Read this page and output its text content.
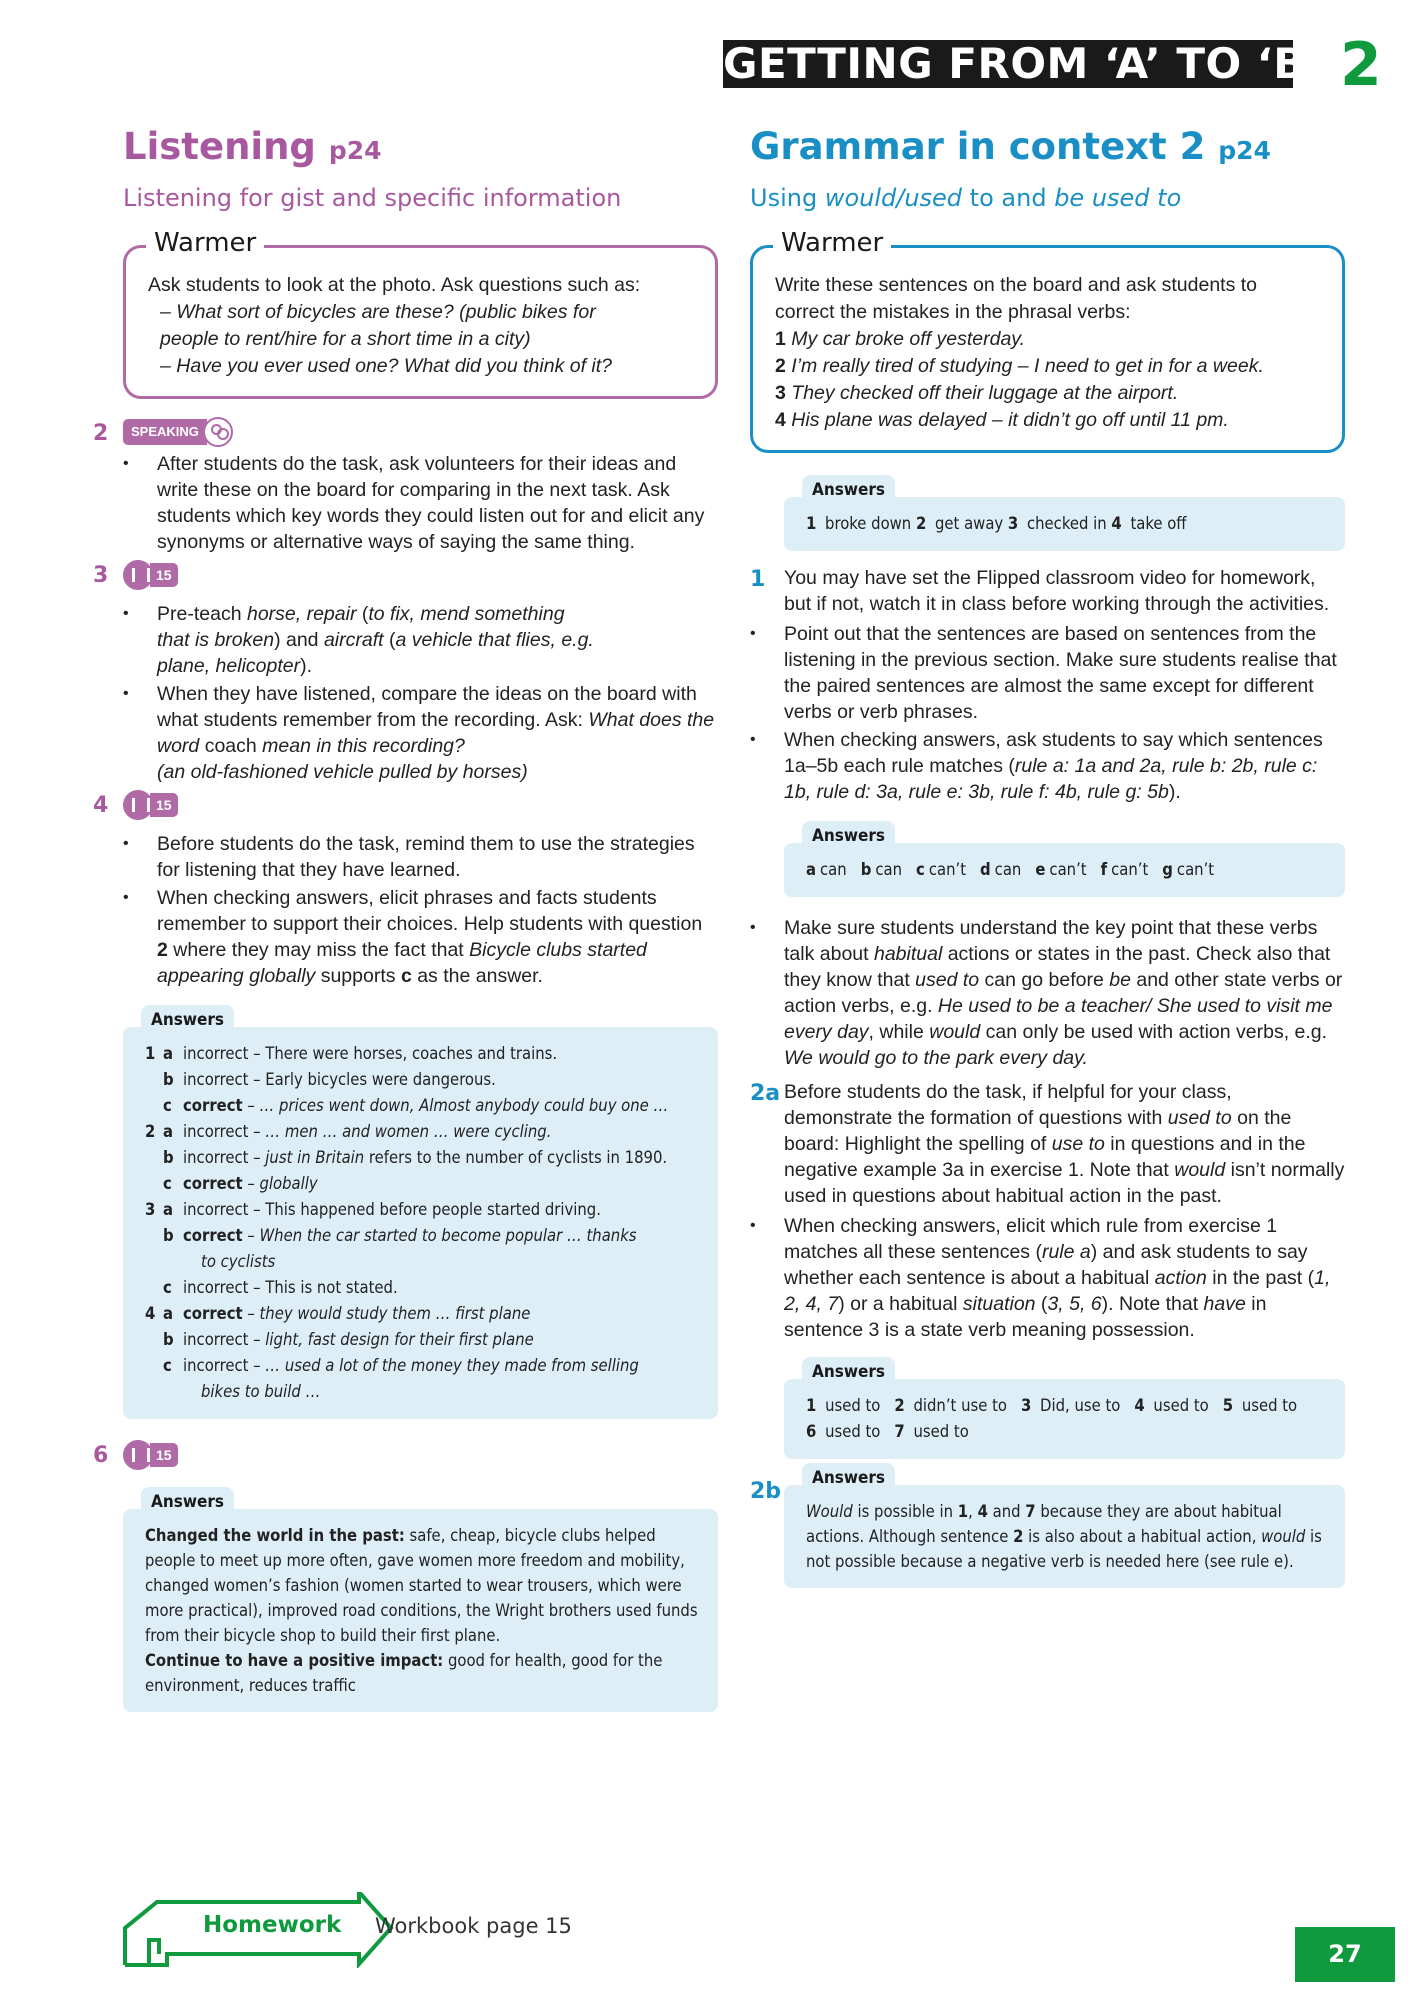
GETTING FROM ‘A’ TO ‘B’ 2
Listening p24
Listening for gist and specific information
Warmer

Ask students to look at the photo. Ask questions such as:

– What sort of bicycles are these? (public bikes for

people to rent/hire for a short time in a city)

– Have you ever used one? What did you think of it?

2	SPEAKING
• After students do the task, ask volunteers for their ideas and write these on the board for comparing in the next task. Ask students which key words they could listen out for and elicit any synonyms or alternative ways of saying the same thing.
3	15
• Pre-teach horse, repair (to fix, mend something
that is broken) and aircraft (a vehicle that flies, e.g.
plane, helicopter).
• When they have listened, compare the ideas on the board with what students remember from the recording. Ask: What does the word coach mean in this recording?
(an old-fashioned vehicle pulled by horses)
4	15
• Before students do the task, remind them to use the strategies for listening that they have learned.
• When checking answers, elicit phrases and facts students remember to support their choices. Help students with question 2 where they may miss the fact that Bicycle clubs started appearing globally supports c as the answer.
Answers
1 a incorrect – There were horses, coaches and trains.
b incorrect – Early bicycles were dangerous.
c correct – … prices went down, Almost anybody could buy one …
2 a incorrect – … men … and women … were cycling.
b incorrect – just in Britain refers to the number of cyclists in 1890.
c correct – globally
3 a incorrect – This happened before people started driving.
b correct – When the car started to become popular … thanks
to cyclists
c incorrect – This is not stated.
4 a correct – they would study them … first plane
b incorrect – light, fast design for their first plane
c incorrect – … used a lot of the money they made from selling
bikes to build …
6	15
Answers
Changed the world in the past: safe, cheap, bicycle clubs helped people to meet up more often, gave women more freedom and mobility, changed women’s fashion (women started to wear trousers, which were more practical), improved road conditions, the Wright brothers used funds from their bicycle shop to build their first plane.
Continue to have a positive impact: good for health, good for the environment, reduces traffic
Grammar in context 2 p24
Using would/used to and be used to
Warmer

Write these sentences on the board and ask students to correct the mistakes in the phrasal verbs:

1 My car broke off yesterday.

2 I’m really tired of studying – I need to get in for a week.

3 They checked off their luggage at the airport.

4 His plane was delayed – it didn’t go off until 11 pm.

Answers
1 broke down 2 get away 3 checked in 4 take off
1 You may have set the Flipped classroom video for homework, but if not, watch it in class before working through the activities.
• Point out that the sentences are based on sentences from the listening in the previous section. Make sure students realise that the paired sentences are almost the same except for different verbs or verb phrases.
• When checking answers, ask students to say which sentences 1a–5b each rule matches (rule a: 1a and 2a, rule b: 2b, rule c: 1b, rule d: 3a, rule e: 3b, rule f: 4b, rule g: 5b).
Answers
a can b can c can’t d can e can’t f can’t g can’t
• Make sure students understand the key point that these verbs talk about habitual actions or states in the past. Check also that they know that used to can go before be and other state verbs or action verbs, e.g. He used to be a teacher/ She used to visit me every day, while would can only be used with action verbs, e.g. We would go to the park every day.
2a Before students do the task, if helpful for your class, demonstrate the formation of questions with used to on the board: Highlight the spelling of use to in questions and in the negative example 3a in exercise 1. Note that would isn’t normally used in questions about habitual action in the past.
• When checking answers, elicit which rule from exercise 1 matches all these sentences (rule a) and ask students to say whether each sentence is about a habitual action in the past (1, 2, 4, 7) or a habitual situation (3, 5, 6). Note that have in sentence 3 is a state verb meaning possession.
Answers
1 used to 2 didn’t use to 3 Did, use to 4 used to 5 used to
6 used to 7 used to
2b
Answers
Would is possible in 1, 4 and 7 because they are about habitual actions. Although sentence 2 is also about a habitual action, would is not possible because a negative verb is needed here (see rule e).
Homework Workbook page 15
27
